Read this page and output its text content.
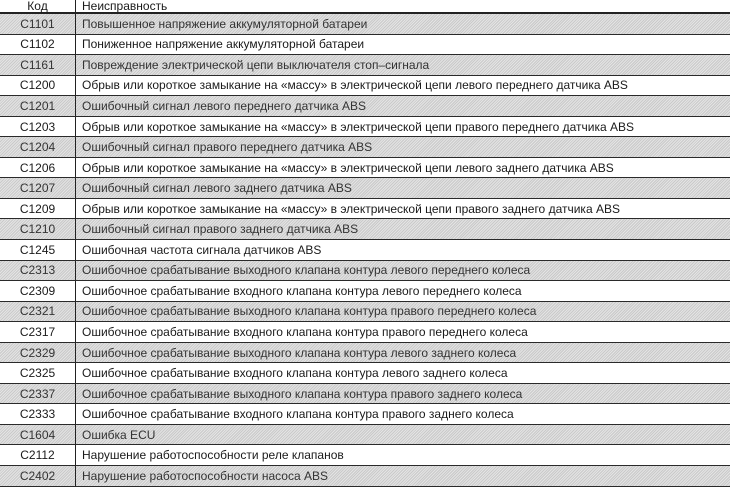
Код	Неисправность
C1101	Повышенное напряжение аккумуляторной батареи
C1102	Пониженное напряжение аккумуляторной батареи
C1161	Повреждение электрической цепи выключателя стоп–сигнала
C1200	Обрыв или короткое замыкание на «массу» в электрической цепи левого переднего датчика ABS
C1201	Ошибочный сигнал левого переднего датчика ABS
C1203	Обрыв или короткое замыкание на «массу» в электрической цепи правого переднего датчика ABS
C1204	Ошибочный сигнал правого переднего датчика ABS
C1206	Обрыв или короткое замыкание на «массу» в электрической цепи левого заднего датчика ABS
C1207	Ошибочный сигнал левого заднего датчика ABS
C1209	Обрыв или короткое замыкание на «массу» в электрической цепи правого заднего датчика ABS
C1210	Ошибочный сигнал правого заднего датчика ABS
C1245	Ошибочная частота сигнала датчиков ABS
C2313	Ошибочное срабатывание выходного клапана контура левого переднего колеса
C2309	Ошибочное срабатывание входного клапана контура левого переднего колеса
C2321	Ошибочное срабатывание выходного клапана контура правого переднего колеса
C2317	Ошибочное срабатывание входного клапана контура правого переднего колеса
C2329	Ошибочное срабатывание выходного клапана контура левого заднего колеса
C2325	Ошибочное срабатывание входного клапана контура левого заднего колеса
C2337	Ошибочное срабатывание выходного клапана контура правого заднего колеса
C2333	Ошибочное срабатывание входного клапана контура правого заднего колеса
C1604	Ошибка ECU
C2112	Нарушение работоспособности реле клапанов
C2402	Нарушение работоспособности насоса ABS
